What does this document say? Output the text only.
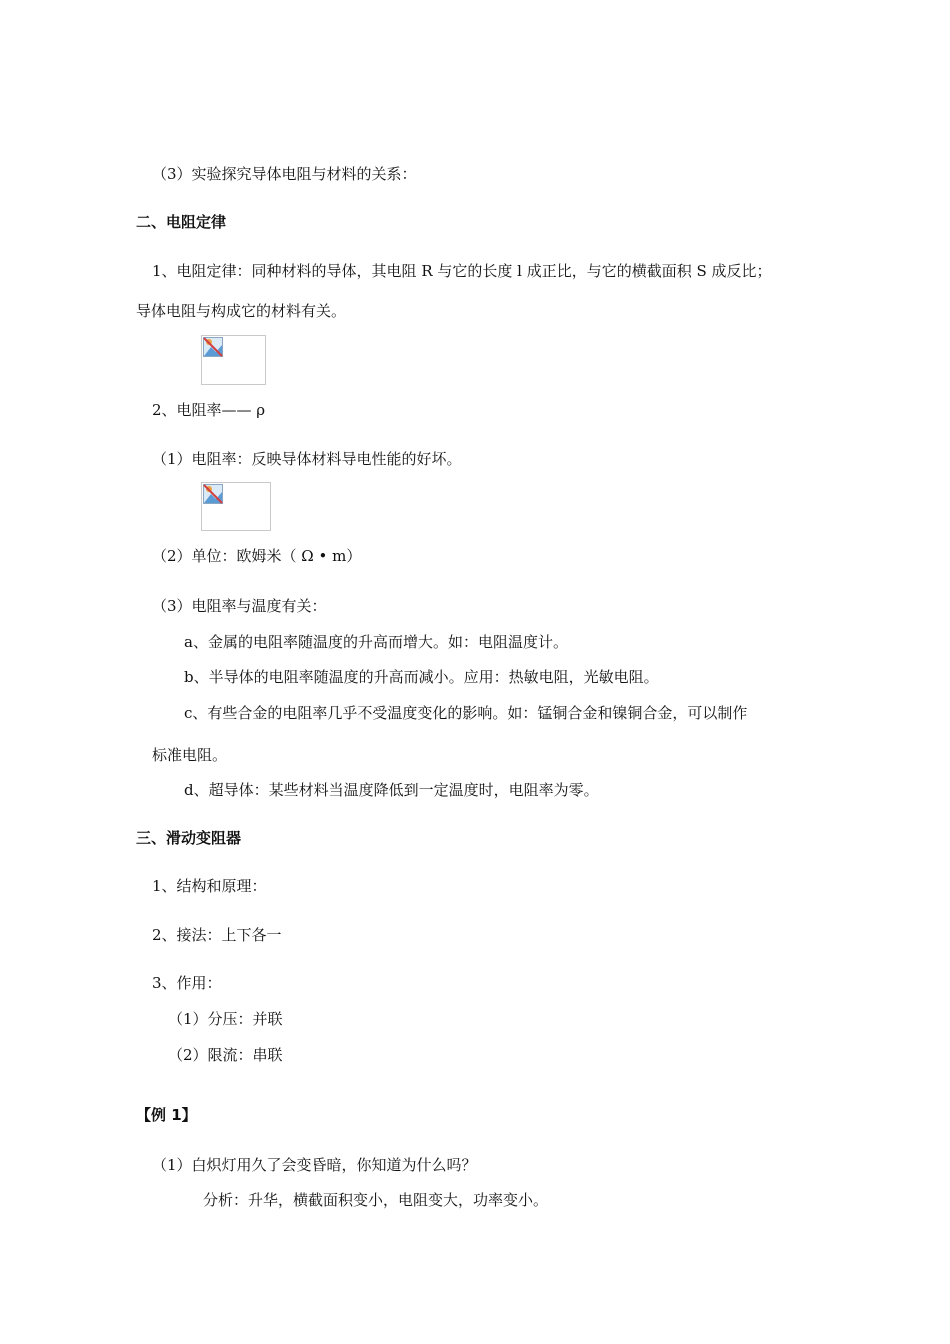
（3）实验探究导体电阻与材料的关系：

二、电阻定律

1、电阻定律：同种材料的导体，其电阻 R 与它的长度 l 成正比，与它的横截面积 S 成反比；

导体电阻与构成它的材料有关。

2、电阻率—— ρ

（1）电阻率：反映导体材料导电性能的好坏。

（2）单位：欧姆米（ Ω • m）

（3）电阻率与温度有关：

a、金属的电阻率随温度的升高而增大。如：电阻温度计。

b、半导体的电阻率随温度的升高而减小。应用：热敏电阻，光敏电阻。

c、有些合金的电阻率几乎不受温度变化的影响。如：锰铜合金和镍铜合金，可以制作

标准电阻。

d、超导体：某些材料当温度降低到一定温度时，电阻率为零。

三、滑动变阻器

1、结构和原理：

2、接法：上下各一

3、作用：

（1）分压：并联

（2）限流：串联

【例 1】

（1）白炽灯用久了会变昏暗，你知道为什么吗？

分析：升华，横截面积变小，电阻变大，功率变小。
